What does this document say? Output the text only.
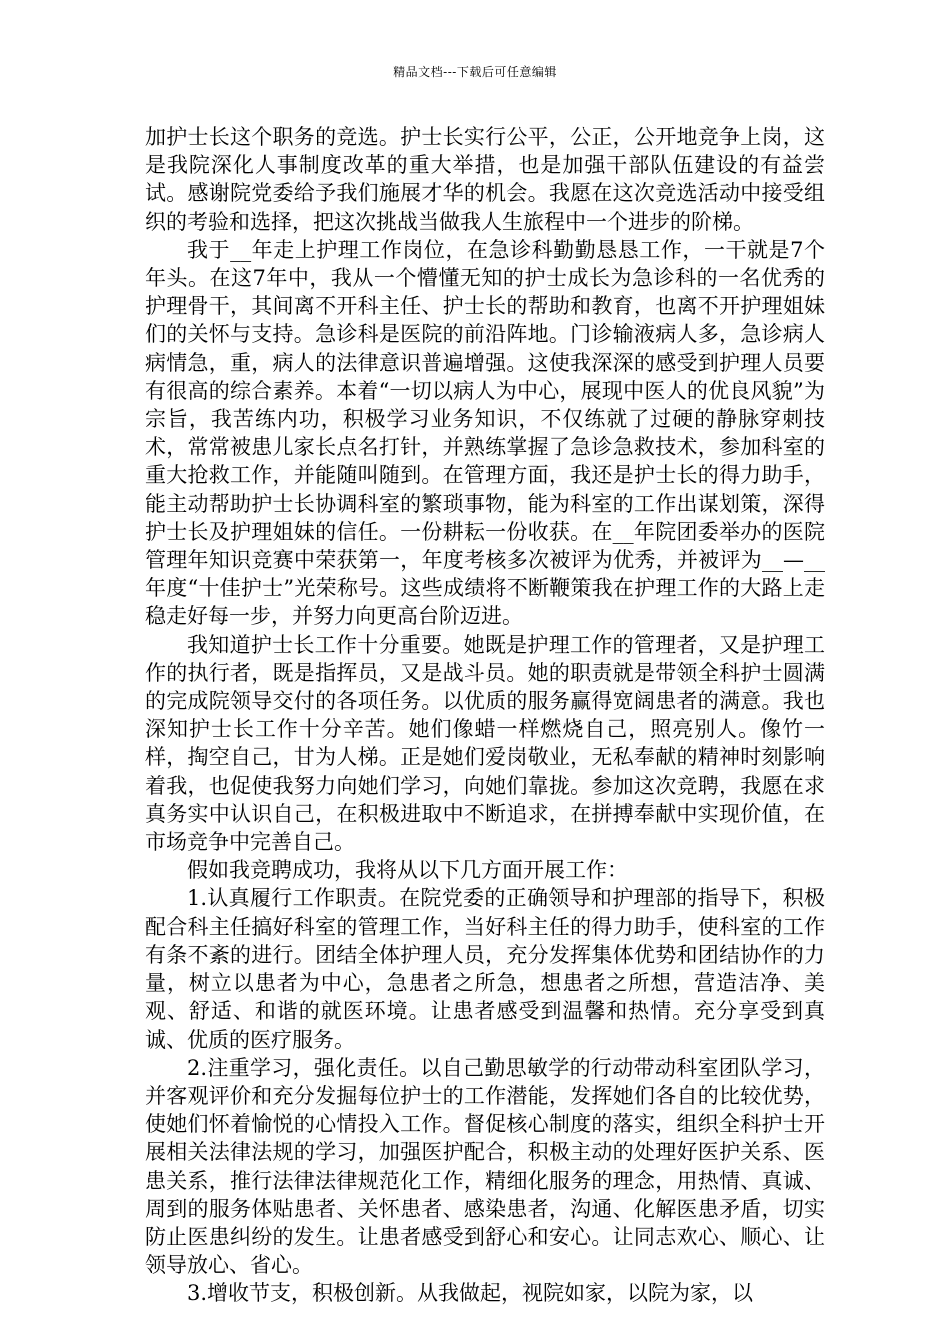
精品文档---下载后可任意编辑

加护士长这个职务的竞选。护士长实行公平，公正，公开地竞争上岗，这是我院深化人事制度改革的重大举措，也是加强干部队伍建设的有益尝试。感谢院党委给予我们施展才华的机会。我愿在这次竞选活动中接受组织的考验和选择，把这次挑战当做我人生旅程中一个进步的阶梯。

我于__年走上护理工作岗位，在急诊科勤勤恳恳工作，一干就是7个年头。在这7年中，我从一个懵懂无知的护士成长为急诊科的一名优秀的护理骨干，其间离不开科主任、护士长的帮助和教育，也离不开护理姐妹们的关怀与支持。急诊科是医院的前沿阵地。门诊输液病人多，急诊病人病情急，重，病人的法律意识普遍增强。这使我深深的感受到护理人员要有很高的综合素养。本着“一切以病人为中心，展现中医人的优良风貌”为宗旨，我苦练内功，积极学习业务知识，不仅练就了过硬的静脉穿刺技术，常常被患儿家长点名打针，并熟练掌握了急诊急救技术，参加科室的重大抢救工作，并能随叫随到。在管理方面，我还是护士长的得力助手，能主动帮助护士长协调科室的繁琐事物，能为科室的工作出谋划策，深得护士长及护理姐妹的信任。一份耕耘一份收获。在__年院团委举办的医院管理年知识竞赛中荣获第一，年度考核多次被评为优秀，并被评为__—__年度“十佳护士”光荣称号。这些成绩将不断鞭策我在护理工作的大路上走稳走好每一步，并努力向更高台阶迈进。

我知道护士长工作十分重要。她既是护理工作的管理者，又是护理工作的执行者，既是指挥员，又是战斗员。她的职责就是带领全科护士圆满的完成院领导交付的各项任务。以优质的服务赢得宽阔患者的满意。我也深知护士长工作十分辛苦。她们像蜡一样燃烧自己，照亮别人。像竹一样，掏空自己，甘为人梯。正是她们爱岗敬业，无私奉献的精神时刻影响着我，也促使我努力向她们学习，向她们靠拢。参加这次竞聘，我愿在求真务实中认识自己，在积极进取中不断追求，在拼搏奉献中实现价值，在市场竞争中完善自己。

假如我竞聘成功，我将从以下几方面开展工作：

1.认真履行工作职责。在院党委的正确领导和护理部的指导下，积极配合科主任搞好科室的管理工作，当好科主任的得力助手，使科室的工作有条不紊的进行。团结全体护理人员，充分发挥集体优势和团结协作的力量，树立以患者为中心，急患者之所急，想患者之所想，营造洁净、美观、舒适、和谐的就医环境。让患者感受到温馨和热情。充分享受到真诚、优质的医疗服务。

2.注重学习，强化责任。以自己勤思敏学的行动带动科室团队学习，并客观评价和充分发掘每位护士的工作潜能，发挥她们各自的比较优势，使她们怀着愉悦的心情投入工作。督促核心制度的落实，组织全科护士开展相关法律法规的学习，加强医护配合，积极主动的处理好医护关系、医患关系，推行法律法律规范化工作，精细化服务的理念，用热情、真诚、周到的服务体贴患者、关怀患者、感染患者，沟通、化解医患矛盾，切实防止医患纠纷的发生。让患者感受到舒心和安心。让同志欢心、顺心、让领导放心、省心。

3.增收节支，积极创新。从我做起，视院如家，以院为家，以
